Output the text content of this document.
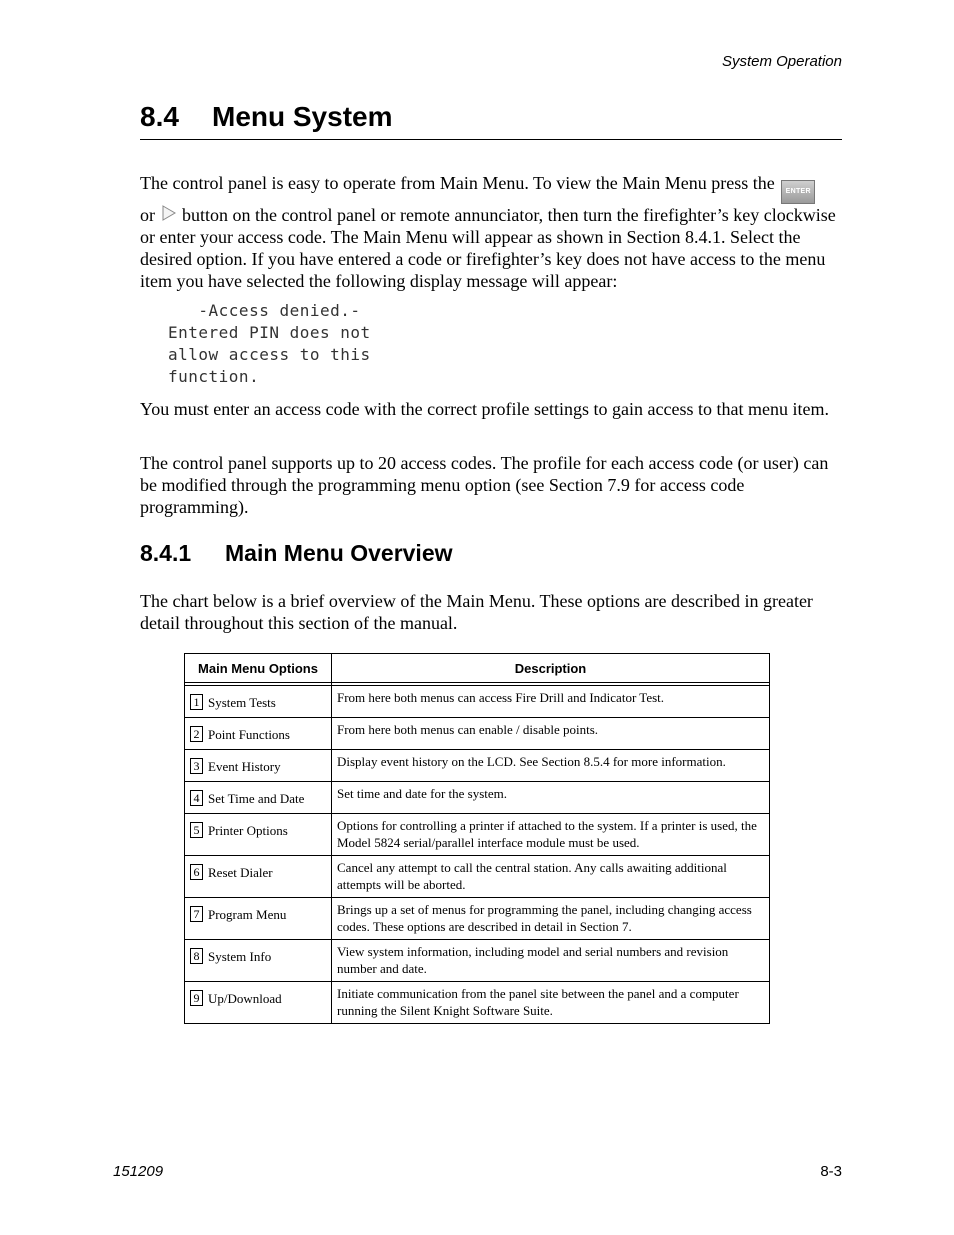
System Operation
8.4 Menu System

The control panel is easy to operate from Main Menu. To view the Main Menu press the ENTER
or button on the control panel or remote annunciator, then turn the firefighter’s key clockwise or enter your access code. The Main Menu will appear as shown in Section 8.4.1. Select the desired option. If you have entered a code or firefighter’s key does not have access to the menu item you have selected the following display message will appear:

-Access denied.-
Entered PIN does not
allow access to this
function.

You must enter an access code with the correct profile settings to gain access to that menu item.

The control panel supports up to 20 access codes. The profile for each access code (or user) can be modified through the programming menu option (see Section 7.9 for access code programming).

8.4.1 Main Menu Overview

The chart below is a brief overview of the Main Menu. These options are described in greater detail throughout this section of the manual.

Main Menu Options	Description

1 System Tests	From here both menus can access Fire Drill and Indicator Test.
2 Point Functions	From here both menus can enable / disable points.
3 Event History	Display event history on the LCD. See Section 8.5.4 for more information.
4 Set Time and Date	Set time and date for the system.
5 Printer Options	Options for controlling a printer if attached to the system. If a printer is used, the Model 5824 serial/parallel interface module must be used.
6 Reset Dialer	Cancel any attempt to call the central station. Any calls awaiting additional attempts will be aborted.
7 Program Menu	Brings up a set of menus for programming the panel, including changing access codes. These options are described in detail in Section 7.
8 System Info	View system information, including model and serial numbers and revision number and date.
9 Up/Download	Initiate communication from the panel site between the panel and a computer running the Silent Knight Software Suite.
151209	8-3
